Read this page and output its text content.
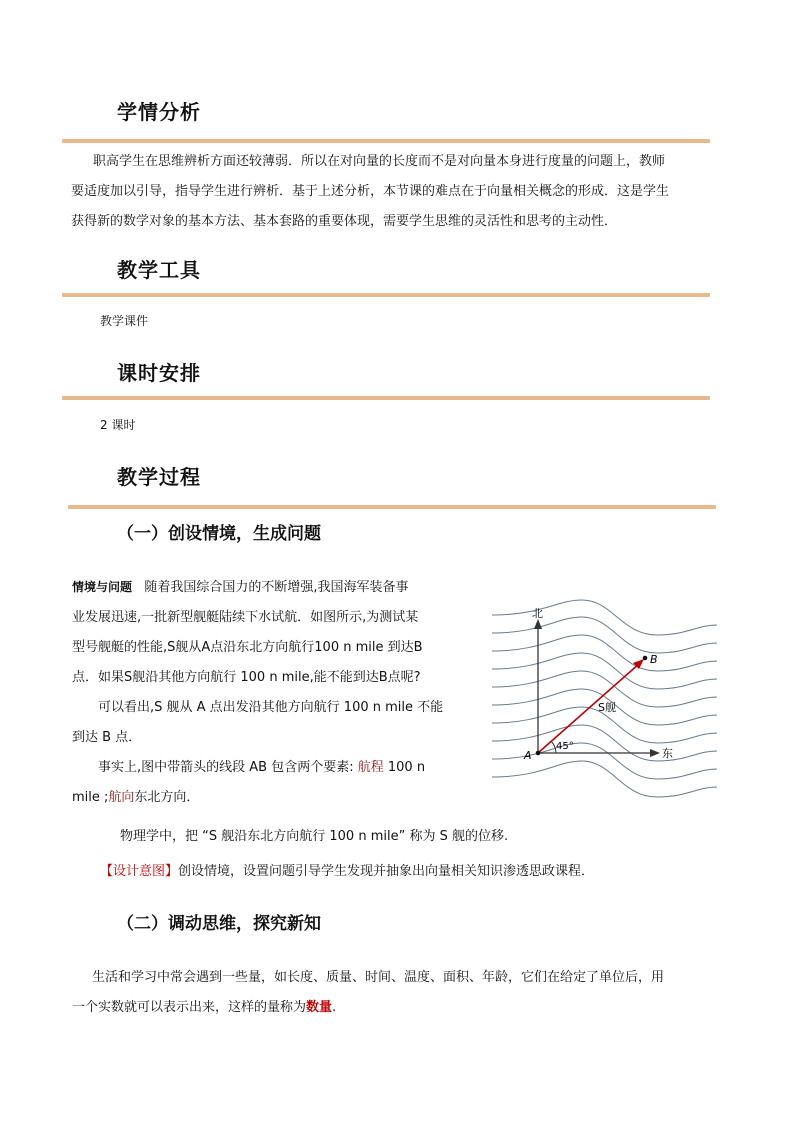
学情分析
职高学生在思维辨析方面还较薄弱．所以在对向量的长度而不是对向量本身进行度量的问题上，教师
要适度加以引导，指导学生进行辨析．基于上述分析，本节课的难点在于向量相关概念的形成．这是学生
获得新的数学对象的基本方法、基本套路的重要体现，需要学生思维的灵活性和思考的主动性．
教学工具
教学课件
课时安排
2 课时
教学过程
（一）创设情境，生成问题
情境与问题 随着我国综合国力的不断增强,我国海军装备事
业发展迅速,一批新型舰艇陆续下水试航．如图所示,为测试某
型号舰艇的性能,S舰从A点沿东北方向航行100 n mile 到达B
点．如果S舰沿其他方向航行 100 n mile,能不能到达B点呢?
可以看出,S 舰从 A 点出发沿其他方向航行 100 n mile 不能
到达 B 点．
事实上,图中带箭头的线段 AB 包含两个要素: 航程 100 n
mile ;航向东北方向．
北
东
A
B
S舰
45°
物理学中，把 “S 舰沿东北方向航行 100 n mile” 称为 S 舰的位移.
【设计意图】创设情境，设置问题引导学生发现并抽象出向量相关知识渗透思政课程．
（二）调动思维，探究新知
生活和学习中常会遇到一些量，如长度、质量、时间、温度、面积、年龄，它们在给定了单位后，用
一个实数就可以表示出来，这样的量称为数量.
